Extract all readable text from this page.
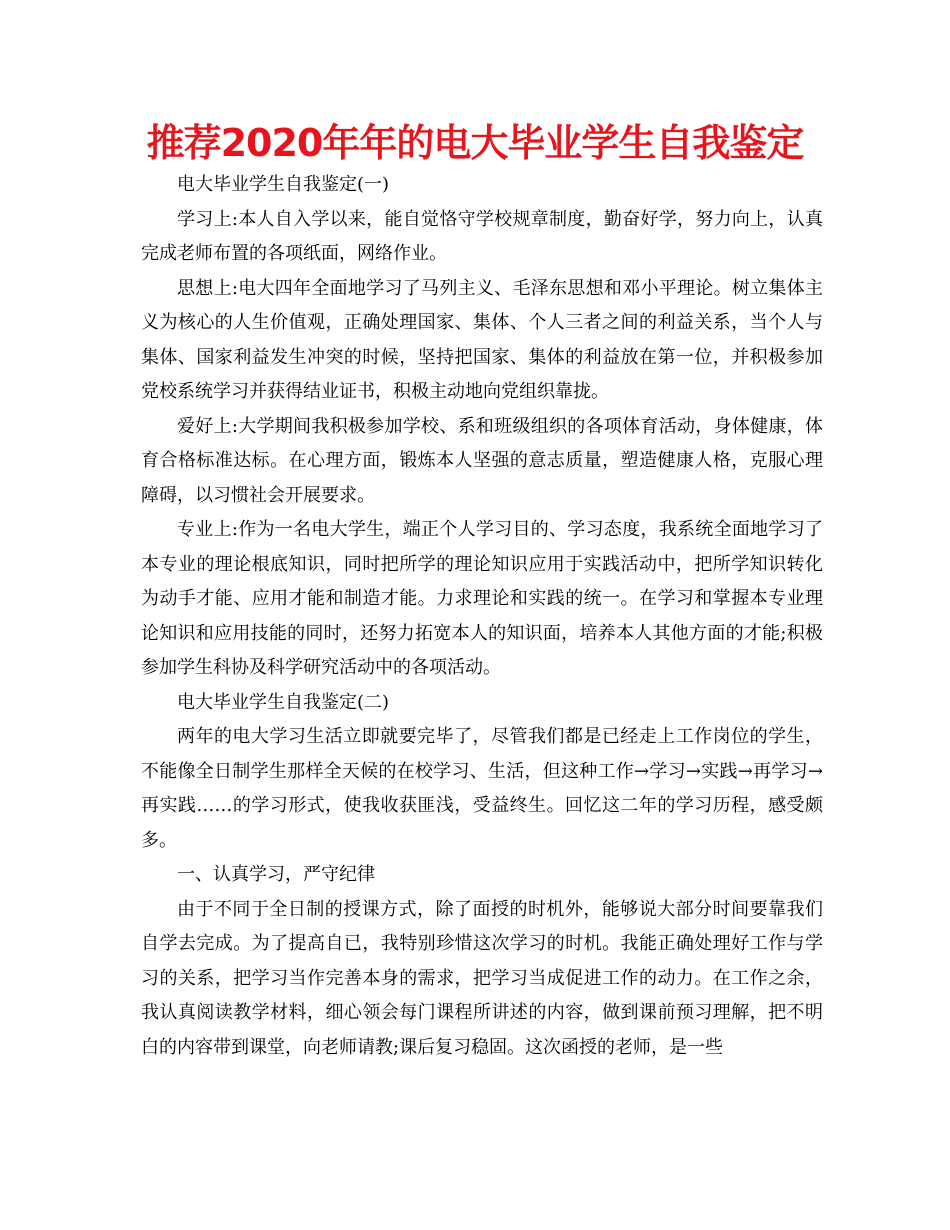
推荐2020年年的电大毕业学生自我鉴定

电大毕业学生自我鉴定(一)

学习上:本人自入学以来，能自觉恪守学校规章制度，勤奋好学，努力向上，认真完成老师布置的各项纸面，网络作业。

思想上:电大四年全面地学习了马列主义、毛泽东思想和邓小平理论。树立集体主义为核心的人生价值观，正确处理国家、集体、个人三者之间的利益关系，当个人与集体、国家利益发生冲突的时候，坚持把国家、集体的利益放在第一位，并积极参加党校系统学习并获得结业证书，积极主动地向党组织靠拢。

爱好上:大学期间我积极参加学校、系和班级组织的各项体育活动，身体健康，体育合格标准达标。在心理方面，锻炼本人坚强的意志质量，塑造健康人格，克服心理障碍，以习惯社会开展要求。

专业上:作为一名电大学生，端正个人学习目的、学习态度，我系统全面地学习了本专业的理论根底知识，同时把所学的理论知识应用于实践活动中，把所学知识转化为动手才能、应用才能和制造才能。力求理论和实践的统一。在学习和掌握本专业理论知识和应用技能的同时，还努力拓宽本人的知识面，培养本人其他方面的才能;积极参加学生科协及科学研究活动中的各项活动。

电大毕业学生自我鉴定(二)

两年的电大学习生活立即就要完毕了，尽管我们都是已经走上工作岗位的学生，不能像全日制学生那样全天候的在校学习、生活，但这种工作→学习→实践→再学习→再实践……的学习形式，使我收获匪浅，受益终生。回忆这二年的学习历程，感受颇多。

一、认真学习，严守纪律

由于不同于全日制的授课方式，除了面授的时机外，能够说大部分时间要靠我们自学去完成。为了提高自已，我特别珍惜这次学习的时机。我能正确处理好工作与学习的关系，把学习当作完善本身的需求，把学习当成促进工作的动力。在工作之余，我认真阅读教学材料，细心领会每门课程所讲述的内容，做到课前预习理解，把不明白的内容带到课堂，向老师请教;课后复习稳固。这次函授的老师，是一些
